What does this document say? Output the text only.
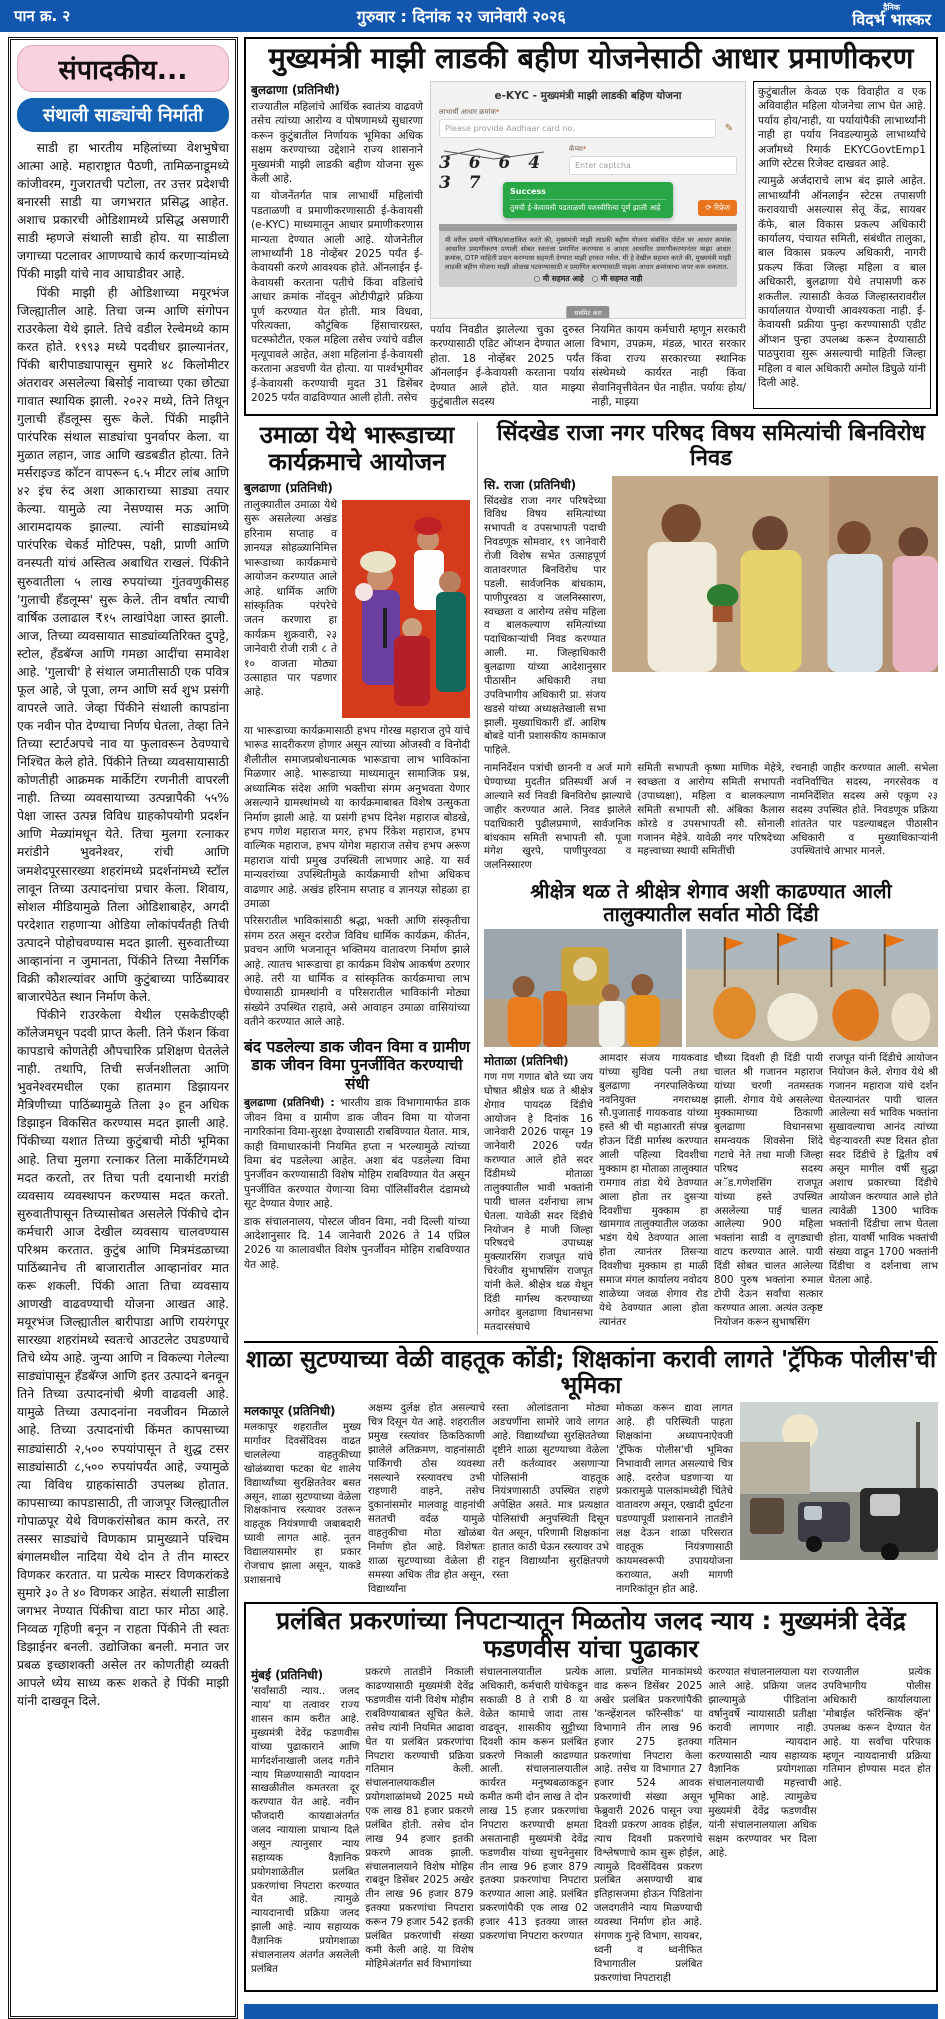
पान क्र. २	गुरुवार : दिनांक २२ जानेवारी २०२६	दैनिक
विदर्भ भास्कर
संपादकीय...
संथाली साड्यांची निर्माती

साडी हा भारतीय महिलांच्या वेशभुषेचा आत्मा आहे. महाराष्ट्रात पैठणी, तामिळनाडूमध्ये कांजीवरम, गुजरातची पटोला, तर उत्तर प्रदेशची बनारसी साडी या जगभरात प्रसिद्ध आहेत. अशाच प्रकारची ओडिशामध्ये प्रसिद्ध असणारी साडी म्हणजे संथाली साडी होय. या साडीला जगाच्या पटलावर आणण्याचे कार्य करणाऱ्यांमध्ये पिंकी माझी यांचे नाव आघाडीवर आहे.

पिंकी माझी ही ओडिशाच्या मयूरभंज जिल्ह्यातील आहे. तिचा जन्म आणि संगोपन राउरकेला येथे झाले. तिचे वडील रेल्वेमध्ये काम करत होते. १९९३ मध्ये पदवीधर झाल्यानंतर, पिंकी बारीपाड्यापासून सुमारे ४८ किलोमीटर अंतरावर असलेल्या बिसोई नावाच्या एका छोट्या गावात स्थायिक झाली. २०२२ मध्ये, तिने तिथून गुलाची हँडलूम्स सुरू केले. पिंकी माझीने पारंपरिक संथाल साड्यांचा पुनर्वापर केला. या मुळात लहान, जाड आणि खडबडीत होत्या. तिने मर्सराइज्ड कॉटन वापरून ६.५ मीटर लांब आणि ४२ इंच रुंद अशा आकाराच्या साड्या तयार केल्या. यामुळे त्या नेसण्यास मऊ आणि आरामदायक झाल्या. त्यांनी साड्यांमध्ये पारंपरिक चेकर्ड मोटिफ्स, पक्षी, प्राणी आणि वनस्पती यांचं अस्तित्व अबाधित राखलं. पिंकीने सुरुवातीला ५ लाख रुपयांच्या गुंतवणुकीसह 'गुलाची हँडलूम्स' सुरू केले. तीन वर्षांत त्याची वार्षिक उलाढाल ₹१५ लाखांपेक्षा जास्त झाली. आज, तिच्या व्यवसायात साड्यांव्यतिरिक्त दुपट्टे, स्टोल, हँडबॅग्ज आणि गमछा आदींचा समावेश आहे. 'गुलाची' हे संथाल जमातीसाठी एक पवित्र फूल आहे, जे पूजा, लग्न आणि सर्व शुभ प्रसंगी वापरले जाते. जेव्हा पिंकीने संथाली कापडांना एक नवीन पोत देण्याचा निर्णय घेतला, तेव्हा तिने तिच्या स्टार्टअपचे नाव या फुलावरून ठेवण्याचे निश्चित केले होते. पिंकीने तिच्या व्यवसायासाठी कोणतीही आक्रमक मार्केटिंग रणनीती वापरली नाही. तिच्या व्यवसायाच्या उत्पन्नापैकी ५५% पेक्षा जास्त उत्पन्न विविध ग्राहकोपयोगी प्रदर्शन आणि मेळ्यांमधून येते. तिचा मुलगा रत्नाकर मरांडीने भुवनेश्वर, रांची आणि जमशेदपूरसारख्या शहरांमध्ये प्रदर्शनांमध्ये स्टॉल लावून तिच्या उत्पादनांचा प्रचार केला. शिवाय, सोशल मीडियामुळे तिला ओडिशाबाहेर, अगदी परदेशात राहणाऱ्या ओडिया लोकांपर्यंतही तिची उत्पादने पोहोचवण्यास मदत झाली. सुरुवातीच्या आव्हानांना न जुमानता, पिंकीने तिच्या नैसर्गिक विक्री कौशल्यांवर आणि कुटुंबाच्या पाठिंब्यावर बाजारपेठेत स्थान निर्माण केले.

पिंकीने राउरकेला येथील एसकेडीएव्ही कॉलेजमधून पदवी प्राप्त केली. तिने फॅशन किंवा कापडाचे कोणतेही औपचारिक प्रशिक्षण घेतलेले नाही. तथापि, तिची सर्जनशीलता आणि भुवनेश्वरमधील एका हातमाग डिझायनर मैत्रिणीच्या पाठिंब्यामुळे तिला ३० हून अधिक डिझाइन विकसित करण्यास मदत झाली आहे. पिंकीच्या यशात तिच्या कुटुंबाची मोठी भूमिका आहे. तिचा मुलगा रत्नाकर तिला मार्केटिंगमध्ये मदत करतो, तर तिचा पती दयानाथी मरांडी व्यवसाय व्यवस्थापन करण्यास मदत करतो. सुरुवातीपासून तिच्यासोबत असलेले पिंकीचे दोन कर्मचारी आज देखील व्यवसाय चालवण्यास परिश्रम करतात. कुटुंब आणि मित्रमंडळाच्या पाठिंब्यानेच ती बाजारातील आव्हानांवर मात करू शकली. पिंकी आता तिचा व्यवसाय आणखी वाढवण्याची योजना आखत आहे. मयूरभंज जिल्ह्यातील बारीपाडा आणि रायरंगपूर सारख्या शहरांमध्ये स्वतःचे आउटलेट उघडण्याचे तिचे ध्येय आहे. जुन्या आणि न विकल्या गेलेल्या साड्यांपासून हँडबॅग्ज आणि इतर उत्पादने बनवून तिने तिच्या उत्पादनांची श्रेणी वाढवली आहे. यामुळे तिच्या उत्पादनांना नवजीवन मिळाले आहे. तिच्या उत्पादनांची किंमत कापसाच्या साड्यांसाठी २,५०० रुपयांपासून ते शुद्ध टसर साड्यांसाठी ८,५०० रुपयांपर्यंत आहे, ज्यामुळे त्या विविध ग्राहकांसाठी उपलब्ध होतात. कापसाच्या कापडासाठी, ती जाजपूर जिल्ह्यातील गोपाळपूर येथे विणकरांसोबत काम करते, तर तस्सर साड्यांचे विणकाम प्रामुख्याने पश्चिम बंगालमधील नादिया येथे दोन ते तीन मास्टर विणकर करतात. या प्रत्येक मास्टर विणकरांकडे सुमारे ३० ते ४० विणकर आहेत. संथाली साडीला जगभर नेण्यात पिंकीचा वाटा फार मोठा आहे. निव्वळ गृहिणी बनून न राहता पिंकीने ती स्वतः डिझाईनर बनली. उद्योजिका बनली. मनात जर प्रबळ इच्छाशक्ती असेल तर कोणतीही व्यक्ती आपले ध्येय साध्य करू शकते हे पिंकी माझी यांनी दाखवून दिले.

मुख्यमंत्री माझी लाडकी बहीण योजनेसाठी आधार प्रमाणीकरण
बुलढाणा (प्रतिनिधी)
राज्यातील महिलांचे आर्थिक स्वातंत्र्य वाढवणे तसेच त्यांच्या आरोग्य व पोषणामध्ये सुधारणा करून कुटुंबातील निर्णायक भूमिका अधिक सक्षम करण्याच्या उद्देशाने राज्य शासनाने मुख्यमंत्री माझी लाडकी बहीण योजना सुरू केली आहे.
या योजनेंतर्गत पात्र लाभार्थी महिलांची पडताळणी व प्रमाणीकरणासाठी ई-केवायसी (e-KYC) माध्यमातून आधार प्रमाणीकरणास मान्यता देण्यात आली आहे. योजनेतील लाभार्थ्यांनी 18 नोव्हेंबर 2025 पर्यंत ई-केवायसी करणे आवश्यक होते. ऑनलाईन ई-केवायसी करताना पतीचे किंवा वडिलांचे आधार क्रमांक नोंदवून ओटीपीद्वारे प्रक्रिया पूर्ण करण्यात येत होती. मात्र विधवा, परित्यक्ता, कौटुंबिक हिंसाचारग्रस्त, घटस्फोटीत, एकल महिला तसेच ज्यांचे वडील मृत्यूपावले आहेत, अशा महिलांना ई-केवायसी करताना अडचणी येत होत्या. या पार्श्वभूमीवर ई-केवायसी करण्याची मुदत 31 डिसेंबर 2025 पर्यंत वाढविण्यात आली होती. तसेच
e-KYC - मुख्यमंत्री माझी लाडकी बहिण योजना
लाभार्थी आधार क्रमांक*
Please provide Aadhaar card no.	✎
3 6 6 4 3 7
कॅप्चा*
Enter captcha
⟳ रिफ्रेश
मी वरील प्रमाणे घोषित/साक्षांकित करते की, मुख्यमंत्री माझी लाडकी बहीण योजना संबंधित पोर्टल वर आधार क्रमांक आधारित प्रमाणीकरण प्रणाली सोबत स्वतःला प्रमाणित करण्यास व आधार आधारित प्रमाणीकरणानंतर माझा आधार क्रमांक, OTP माहिती प्रदान करण्यास सहमती देण्यात माझी हरकत नसेल. मी हे देखील सहमत करते की, मुख्यमंत्री माझी लाडकी बहीण योजना माझी ओळख पटवण्यासाठी व प्रमाणित करण्यासाठी माझ्या आधार क्रमांकाचा वापर करू शकतात.
○ मी सहमत आहे   ○ मी सहमत नाही
सबमिट करा
Success
तुमची ई-केवायसी पडताळणी यशस्वीरित्या पूर्ण झाली आहे
पर्याय निवडीत झालेल्या चुका दुरुस्त करण्यासाठी एडिट ऑप्शन देण्यात आला होता. 18 नोव्हेंबर 2025 पर्यंत ऑनलाईन ई-केवायसी करताना पर्याय देण्यात आले होते. यात माझ्या कुटुंबातील सदस्य
नियमित कायम कर्मचारी म्हणून सरकारी विभाग, उपक्रम, मंडळ, भारत सरकार किंवा राज्य सरकारच्या स्थानिक संस्थेमध्ये कार्यरत नाही किंवा सेवानिवृत्तीवेतन घेत नाहीत. पर्यायः होय/नाही, माझ्या
कुटुंबातील केवळ एक विवाहीत व एक अविवाहीत महिला योजनेचा लाभ घेत आहे. पर्याय होय/नाही, या पर्यायांपैकी लाभार्थ्यांनी नाही हा पर्याय निवडल्यामुळे लाभार्थ्यांचे अर्जांमध्ये रिमार्क EKYCGovtEmp1 आणि स्टेटस रिजेक्ट दाखवत आहे.
त्यामुळे अर्जदाराचे लाभ बंद झाले आहेत. लाभार्थ्यांनी ऑनलाईन स्टेटस तपासणी करावयाची असल्यास सेतू केंद्र, सायबर कॅफे, बाल विकास प्रकल्प अधिकारी कार्यालय, पंचायत समिती, संबंधीत तालुका, बाल विकास प्रकल्प अधिकारी, नागरी प्रकल्प किंवा जिल्हा महिला व बाल अधिकारी, बुलढाणा येथे तपासणी करु शकतील. त्यासाठी केवळ जिल्हास्तरावरील कार्यालयात येण्याची आवश्यकता नाही. ई-केवायसी प्रक्रीया पुन्हा करण्यासाठी एडीट ऑप्शन पुन्हा उपलब्ध करून देण्यासाठी पाठपुरावा सुरू असल्याची माहिती जिल्हा महिला व बाल अधिकारी अमोल डिघुळे यांनी दिली आहे.
उमाळा येथे भारूडाच्या कार्यक्रमाचे आयोजन
बुलढाणा (प्रतिनिधी)
तालुक्यातील उमाळा येथे सुरू असलेल्या अखंड हरिनाम सप्ताह व ज्ञानयज्ञ सोहळ्यानिमित्त भारूडाच्या कार्यक्रमाचे आयोजन करण्यात आले आहे. धार्मिक आणि सांस्कृतिक परंपरेचे जतन करणारा हा कार्यक्रम शुक्रवारी, २३ जानेवारी रोजी रात्री ८ ते १० वाजता मोठ्या उत्साहात पार पडणार आहे.
या भारूडाच्या कार्यक्रमासाठी हभप गोरख महाराज तुपे यांचे भारूड सादरीकरण होणार असून त्यांच्या ओजस्वी व विनोदी शैलीतील समाजप्रबोधनात्मक भारूडाचा लाभ भाविकांना मिळणार आहे. भारूडाच्या माध्यमातून सामाजिक प्रश्न, अध्यात्मिक संदेश आणि भक्तीचा संगम अनुभवता येणार असल्याने ग्रामस्थांमध्ये या कार्यक्रमाबाबत विशेष उत्सुकता निर्माण झाली आहे. या प्रसंगी हभप दिनेश महाराज बोडखे, हभप गणेश महाराज मगर, हभप रिंकेश महाराज, हभप वाल्मिक महाराज, हभप योगेश महाराज तसेच हभप अरूण महाराज यांची प्रमुख उपस्थिती लाभणार आहे. या सर्व मान्यवरांच्या उपस्थितीमुळे कार्यक्रमाची शोभा अधिकच वाढणार आहे. अखंड हरिनाम सप्ताह व ज्ञानयज्ञ सोहळा हा उमाळा
परिसरातील भाविकांसाठी श्रद्धा, भक्ती आणि संस्कृतीचा संगम ठरत असून दररोज विविध धार्मिक कार्यक्रम, कीर्तन, प्रवचन आणि भजनातून भक्तिमय वातावरण निर्माण झाले आहे. त्यातच भारूडाचा हा कार्यक्रम विशेष आकर्षण ठरणार आहे. तरी या धार्मिक व सांस्कृतिक कार्यक्रमाचा लाभ घेण्यासाठी ग्रामस्थांनी व परिसरातील भाविकांनी मोठ्या संख्येने उपस्थित राहावे, असे आवाहन उमाळा वासियांच्या वतीने करण्यात आले आहे.
बंद पडलेल्या डाक जीवन विमा व ग्रामीण डाक जीवन विमा पुनर्जीवित करण्याची संधी
बुलढाणा (प्रतिनिधी) : भारतीय डाक विभागामार्फत डाक जीवन विमा व ग्रामीण डाक जीवन विमा या योजना नागरिकांना विमा-सुरक्षा देण्यासाठी राबविण्यात येतात. मात्र, काही विमाधारकांनी नियमित हप्ता न भरल्यामुळे त्यांच्या विमा बंद पडलेल्या आहेत. अशा बंद पडलेल्या विमा पुनर्जीवन करण्यासाठी विशेष मोहिम राबविण्यात येत असून पुनर्जीवित करण्यात येणाऱ्या विमा पॉलिसींवरील दंडामध्ये सूट देण्यात येणार आहे.
डाक संचालनालय, पोस्टल जीवन विमा, नवी दिल्ली यांच्या आदेशानुसार दि. 14 जानेवारी 2026 ते 14 एप्रिल 2026 या कालावधीत विशेष पुनर्जीवन मोहिम राबविण्यात येत आहे.
सिंदखेड राजा नगर परिषद विषय समित्यांची बिनविरोध निवड
सि. राजा (प्रतिनिधी)
सिंदखेड राजा नगर परिषदेच्या विविध विषय समित्यांच्या सभापती व उपसभापती पदाची निवडणूक सोमवार, १९ जानेवारी रोजी विशेष सभेत उत्साहपूर्ण वातावरणात बिनविरोध पार पडली. सार्वजनिक बांधकाम, पाणीपुरवठा व जलनिस्सारण, स्वच्छता व आरोग्य तसेच महिला व बालकल्याण समित्यांच्या पदाधिकाऱ्यांची निवड करण्यात आली. मा. जिल्हाधिकारी बुलढाणा यांच्या आदेशानुसार पीठासीन अधिकारी तथा उपविभागीय अधिकारी प्रा. संजय खडसे यांच्या अध्यक्षतेखाली सभा झाली. मुख्याधिकारी डॉ. आशिष बोबडे यांनी प्रशासकीय कामकाज पाहिले.
नामनिर्देशन पत्रांची छाननी व अर्ज मागे घेण्याच्या मुदतीत प्रतिस्पर्धी अर्ज न आल्याने सर्व निवडी बिनविरोध झाल्याचे जाहीर करण्यात आले. निवड झालेले पदाधिकारी पुढीलप्रमाणे, सार्वजनिक बांधकाम समिती सभापती सौ. पूजा मंगेश खुरपे, पाणीपुरवठा व जलनिस्सारण
समिती सभापती कृष्णा माणिक मेहेत्रे, स्वच्छता व आरोग्य समिती सभापती (उपाध्यक्षा), महिला व बालकल्याण समिती सभापती सौ. अंबिका कैलास कोरडे व उपसभापती सौ. सोनाली गजानन मेहेत्रे. यावेळी नगर परिषदेच्या महत्त्वाच्या स्थायी समितींची
रचनाही जाहीर करण्यात आली. सभेला नवनिर्वाचित सदस्य, नगरसेवक व नामनिर्देशित सदस्य असे एकूण २३ सदस्य उपस्थित होते. निवडणूक प्रक्रिया शांततेत पार पडल्याबद्दल पीठासीन अधिकारी व मुख्याधिकाऱ्यांनी उपस्थितांचे आभार मानले.
श्रीक्षेत्र थळ ते श्रीक्षेत्र शेगाव अशी काढण्यात आली तालुक्यातील सर्वात मोठी दिंडी
मोताळा (प्रतिनिधी)
गण गण गणात बोते च्या जय घोषात श्रीक्षेत्र थळ ते श्रीक्षेत्र शेगाव पायदळ दिंडीचे आयोजन हे दिनांक 16 जानेवारी 2026 पासून 19 जानेवारी 2026 पर्यंत करण्यात आले होते सदर दिंडीमध्ये मोताळा तालुक्यातील भावी भक्तांनी पायी चालत दर्शनाचा लाभ घेतला. यावेळी सदर दिंडीचे नियोजन हे माजी जिल्हा परिषदचे उपाध्यक्ष मुक्त्यारसिंग राजपूत यांचे चिरंजीव सुभाषसिंग राजपूत यांनी केले. श्रीक्षेत्र थळ येथून दिंडी मार्गस्थ करण्याच्या अगोदर बुलढाणा विधानसभा मतदारसंघाचे
आमदार संजय गायकवाड यांच्या सुविद्य पत्नी तथा बुलढाणा नगरपालिकेच्या नवनियुक्त नगराध्यक्ष सौ.पुजाताई गायकवाड यांच्या हस्ते श्री ची महाआरती संपन्न होऊन दिंडी मार्गस्थ करण्यात आली पहिल्या दिवशीचा मुक्काम हा मोताळा तालुक्यात रामगाव तांडा येथे ठेवण्यात आला होता तर दुसऱ्या दिवशीचा मुक्काम हा खामगाव तालुक्यातील जळका भडंग येथे ठेवण्यात आला होता त्यानंतर तिसऱ्या दिवशीचा मुक्काम हा माळी समाज मंगल कार्यालय नवोदय शाळेच्या जवळ शेगाव रोड येथे ठेवण्यात आला होता त्यानंतर
चौथ्या दिवशी ही दिंडी पायी चालत श्री गजानन महाराज यांच्या चरणी नतमस्तक झाली. शेगाव येथे असलेल्या मुक्कामाच्या ठिकाणी बुलढाणा विधानसभा समन्वयक शिवसेना शिंदे गटाचे नेते तथा माजी जिल्हा परिषद सदस्य अॅड.गणेशसिंग राजपूत यांच्या हस्ते उपस्थित असलेल्या पाई चालत आलेल्या 900 महिला भक्तांना साडी व लुगड्याची वाटप करण्यात आले. पायी दिंडी सोबत चालत आलेल्या 800 पुरुष भक्तांना रुमाल टोपी देऊन सर्वांचा सत्कार करण्यात आला. अत्यंत उत्कृष्ट नियोजन करून सुभाषसिंग
राजपूत यांनी दिंडीचे आयोजन नियोजन केले. शेगाव येथे श्री गजानन महाराज यांचे दर्शन घेतल्यानंतर पायी चालत आलेल्या सर्व भाविक भक्तांना सुखावल्याचा आनंद त्यांच्या चेहऱ्यावरती स्पष्ट दिसत होता सदर दिंडीचे हे द्वितीय वर्ष असून मागील वर्षी सुद्धा अशाच प्रकारच्या दिंडीचे आयोजन करण्यात आले होते त्यावेळी 1300 भाविक भक्तांनी दिंडीचा लाभ घेतला होता, यावर्षी भाविक भक्तांची संख्या वाढून 1700 भक्तांनी दिंडीचा व दर्शनाचा लाभ घेतला आहे.
शाळा सुटण्याच्या वेळी वाहतूक कोंडी; शिक्षकांना करावी लागते 'ट्रॅफिक पोलीस'ची भूमिका
मलकापूर (प्रतिनिधी)
मलकापूर शहरातील मुख्य मार्गावर दिवसेंदिवस वाढत चाललेल्या वाहतुकीच्या खोळंब्याचा फटका थेट शालेय विद्यार्थ्यांच्या सुरक्षिततेवर बसत असून, शाळा सुटण्याच्या वेळेला शिक्षकांनाच रस्त्यावर उतरून वाहतूक नियंत्रणाची जबाबदारी घ्यावी लागत आहे. नूतन विद्यालयासमोर हा प्रकार रोजचाच झाला असून, याकडे प्रशासनाचे
अक्षम्य दुर्लक्ष होत असल्याचे चित्र दिसून येत आहे. शहरातील प्रमुख रस्त्यांवर ठिकठिकाणी झालेले अतिक्रमण, वाहनांसाठी पार्किंगची ठोस व्यवस्था नसल्याने रस्त्यावरच उभी राहणारी वाहने, तसेच दुकानांसमोर मालवाहू वाहनांची सततची वर्दळ यामुळे वाहतुकीचा मोठा खोळंबा निर्माण होत आहे. विशेषतः शाळा सुटण्याच्या वेळेला ही समस्या अधिक तीव्र होत असून, विद्यार्थ्यांना
रस्ता ओलांडताना मोठ्या अडचणींना सामोरे जावे लागत आहे. विद्यार्थ्यांच्या सुरक्षिततेच्या दृष्टीने शाळा सुटण्याच्या वेळेला तरी कर्तव्यावर असणाऱ्या पोलिसांनी वाहतूक नियंत्रणासाठी उपस्थित राहणे अपेक्षित असते. मात्र प्रत्यक्षात पोलिसांची अनुपस्थिती दिसून येत असून, परिणामी शिक्षकांना हातात काठी घेऊन रस्त्यावर उभे राहून विद्यार्थ्यांना सुरक्षितपणे रस्ता
मोकळा करून द्यावा लागत आहे. ही परिस्थिती पाहता शिक्षकांना अध्यापनाऐवजी 'ट्रॅफिक पोलीस'ची भूमिका निभावावी लागत असल्याचे चित्र आहे. दररोज घडणाऱ्या या प्रकारामुळे पालकांमध्येही चिंतेचे वातावरण असून, एखादी दुर्घटना घडण्यापूर्वी प्रशासनाने तातडीने लक्ष देऊन शाळा परिसरात वाहतूक नियंत्रणासाठी कायमस्वरूपी उपाययोजना कराव्यात, अशी मागणी नागरिकांतून होत आहे.
प्रलंबित प्रकरणांच्या निपटाऱ्यातून मिळतोय जलद न्याय : मुख्यमंत्री देवेंद्र फडणवीस यांचा पुढाकार
मुंबई (प्रतिनिधी)
'सर्वांसाठी न्याय.. जलद न्याय' या तत्वावर राज्य शासन काम करीत आहे. मुख्यमंत्री देवेंद्र फडणवीस यांच्या पुढाकाराने आणि मार्गदर्शनाखाली जलद गतीने न्याय मिळण्यासाठी न्यायदान साखळीतील कमतरता दूर करण्यात येत आहे. नवीन फौजदारी कायद्याअंतर्गत जलद न्यायाला प्राधान्य दिले असून त्यानुसार न्याय सहाय्यक वैज्ञानिक प्रयोगशाळेतील प्रलंबित प्रकरणांचा निपटारा करण्यात येत आहे. त्यामुळे न्यायदानाची प्रक्रिया जलद झाली आहे. न्याय सहाय्यक वैज्ञानिक प्रयोगशाळा संचालनालय अंतर्गत असलेली प्रलंबित
प्रकरणे तातडीने निकाली काढण्यासाठी मुख्यमंत्री देवेंद्र फडणवीस यांनी विशेष मोहीम राबविण्याबाबत सूचित केले. तसेच त्यांनी नियमित आढावा घेत या प्रलंबित प्रकरणांचा निपटारा करण्याची प्रक्रिया गतिमान केली. संचालनालयाकडील प्रयोगशाळांमध्ये 2025 मध्ये एक लाख 81 हजार प्रकरणे प्रलंबित होती. तसेच दोन लाख 94 हजार इतकी प्रकरणे आवक झाली. संचालनालयाने विशेष मोहिम राबवून डिसेंबर 2025 अखेर तीन लाख 96 हजार 879 इतक्या प्रकरणांचा निपटारा करून 79 हजार 542 इतकी प्रलंबित प्रकरणांची संख्या कमी केली आहे. या विशेष मोहिमेअंतर्गत सर्व विभागांच्या
संचालनालयातील प्रत्येक अधिकारी, कर्मचारी यांचेकडून सकाळी 8 ते रात्री 8 या वेळेत कामाचे जादा तास वाढवून, शासकीय सुट्टीच्या दिवशी काम करून प्रलंबित प्रकरणे निकाली काढण्यात आली. संचालनालयातील कार्यरत मनुष्यबळाकडून कमीत कमी दोन लाख ते दोन लाख 15 हजार प्रकरणांचा निपटारा करण्याची क्षमता असतानाही मुख्यमंत्री देवेंद्र फडणवीस यांच्या सुचनेनुसार तीन लाख 96 हजार 879 इतक्या प्रकरणांचा निपटारा करण्यात आला आहे. प्रलंबित प्रकरणांपैकी एक लाख 02 हजार 413 इतक्या जास्त प्रकरणांचा निपटारा करण्यात
आला. प्रचलित मानकांमध्ये वाढ करून डिसेंबर 2025 अखेर प्रलंबित प्रकरणांपैकी 'कन्व्हेंशनल फॉरेन्सीक' या विभागाने तीन लाख 96 हजार 275 इतक्या प्रकरणांचा निपटारा केला आहे. तसेच या विभागात 27 हजार 524 आवक प्रकरणांची संख्या असून फेब्रुवारी 2026 पासून ज्या दिवशी प्रकरण आवक होईल, त्याच दिवशी प्रकरणांचे विश्लेषणाचे काम सुरू होईल, त्यामुळे दिवसेंदिवस प्रकरण प्रलंबित असण्याची बाब इतिहासजमा होऊन पिडितांना जलदगतीने न्याय मिळण्याची व्यवस्था निर्माण होत आहे. संगणक गुन्हे विभाग, सायबर, ध्वनी व ध्वनीफित विभागातील प्रलंबित प्रकरणांचा निपटाराही
करण्यात संचालनालयाला यश आले आहे. प्रक्रिया जलद झाल्यामुळे पीडितांना वर्षानुवर्षे न्यायासाठी प्रतीक्षा करावी लागणार नाही. गतिमान न्यायदान करण्यासाठी न्याय सहाय्यक वैज्ञानिक प्रयोगशाळा संचालनालयाची महत्त्वाची भूमिका आहे. त्यामुळेच मुख्यमंत्री देवेंद्र फडणवीस यांनी संचालनालयाला अधिक सक्षम करण्यावर भर दिला आहे.
राज्यातील प्रत्येक उपविभागीय पोलीस अधिकारी कार्यालयाला 'मोबाईल फॉरेन्सिक व्हॅन' उपलब्ध करून देण्यात येत आहे. या सर्वांचा परिपाक म्हणून न्यायदानाची प्रक्रिया गतिमान होण्यास मदत होत आहे.
